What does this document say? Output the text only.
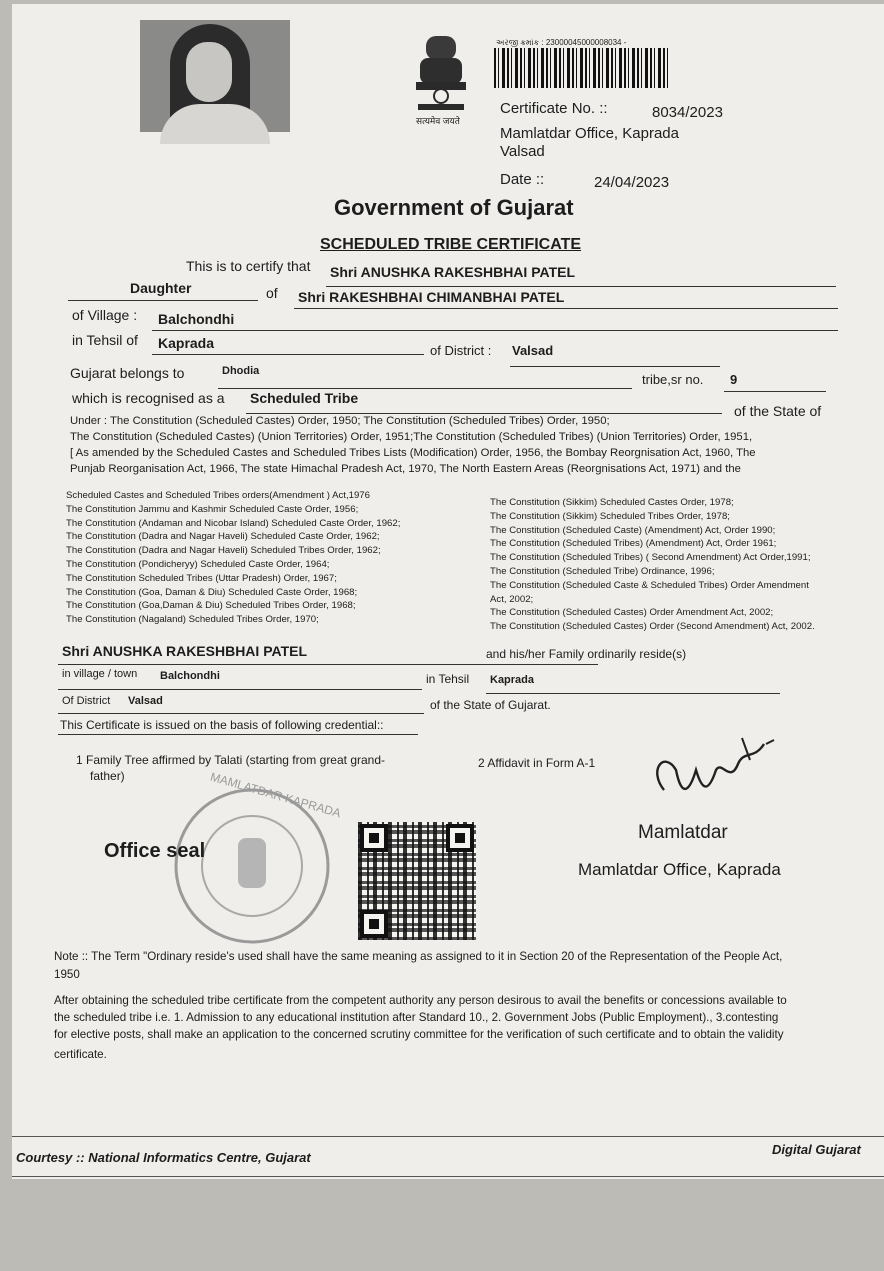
सत्यमेव जयते
અરજી ક્રમાંક : 23000045000008034 -
Certificate No. ::	8034/2023
Mamlatdar Office, Kaprada
Valsad
Date ::	24/04/2023
Government of Gujarat
SCHEDULED TRIBE CERTIFICATE
This is to certify that Shri ANUSHKA RAKESHBHAI PATEL
Daughter	of Shri RAKESHBHAI CHIMANBHAI PATEL
of Village : Balchondhi
in Tehsil of Kaprada	of District : Valsad
Gujarat belongs to	Dhodia
tribe,sr no. 9
which is recognised as a Scheduled Tribe
of the State of
Under : The Constitution (Scheduled Castes) Order, 1950; The Constitution (Scheduled Tribes) Order, 1950;
The Constitution (Scheduled Castes) (Union Territories) Order, 1951;The Constitution (Scheduled Tribes) (Union Territories) Order, 1951,
[ As amended by the Scheduled Castes and Scheduled Tribes Lists (Modification) Order, 1956, the Bombay Reorgnisation Act, 1960, The
Punjab Reorganisation Act, 1966, The state Himachal Pradesh Act, 1970, The North Eastern Areas (Reorgnisations Act, 1971) and the
Scheduled Castes and Scheduled Tribes orders(Amendment ) Act,1976
The Constitution Jammu and Kashmir Scheduled Caste Order, 1956;
The Constitution (Andaman and Nicobar Island) Scheduled Caste Order, 1962;
The Constitution (Dadra and Nagar Haveli) Scheduled Caste Order, 1962;
The Constitution (Dadra and Nagar Haveli) Scheduled Tribes Order, 1962;
The Constitution (Pondicheryy) Scheduled Caste Order, 1964;
The Constitution Scheduled Tribes (Uttar Pradesh) Order, 1967;
The Constitution (Goa, Daman & Diu) Scheduled Caste Order, 1968;
The Constitution (Goa,Daman & Diu) Scheduled Tribes Order, 1968;
The Constitution (Nagaland) Scheduled Tribes Order, 1970;
The Constitution (Sikkim) Scheduled Castes Order, 1978;
The Constitution (Sikkim) Scheduled Tribes Order, 1978;
The Constitution (Scheduled Caste) (Amendment) Act, Order 1990;
The Constitution (Scheduled Tribes) (Amendment) Act, Order 1961;
The Constitution (Scheduled Tribes) ( Second Amendment) Act Order,1991;
The Constitution (Scheduled Tribe) Ordinance, 1996;
The Constitution (Scheduled Caste & Scheduled Tribes) Order Amendment
Act, 2002;
The Constitution (Scheduled Castes) Order Amendment Act, 2002;
The Constitution (Scheduled Castes) Order (Second Amendment) Act, 2002.
Shri ANUSHKA RAKESHBHAI PATEL	and his/her Family ordinarily reside(s)
in village / town Balchondhi	in Tehsil Kaprada
Of District Valsad	of the State of Gujarat.
This Certificate is issued on the basis of following credential::
1 Family Tree affirmed by Talati (starting from great grand-
father)
2 Affidavit in Form A-1
MAMLATDAR KAPRADA
Office seal
Mamlatdar
Mamlatdar Office, Kaprada
Note :: The Term "Ordinary reside's used shall have the same meaning as assigned to it in Section 20 of the Representation of the People Act,
1950
After obtaining the scheduled tribe certificate from the competent authority any person desirous to avail the benefits or concessions available to
the scheduled tribe i.e. 1. Admission to any educational institution after Standard 10., 2. Government Jobs (Public Employment)., 3.contesting
for elective posts, shall make an application to the concerned scrutiny committee for the verification of such certificate and to obtain the validity
certificate.
Courtesy :: National Informatics Centre, Gujarat
Digital Gujarat
